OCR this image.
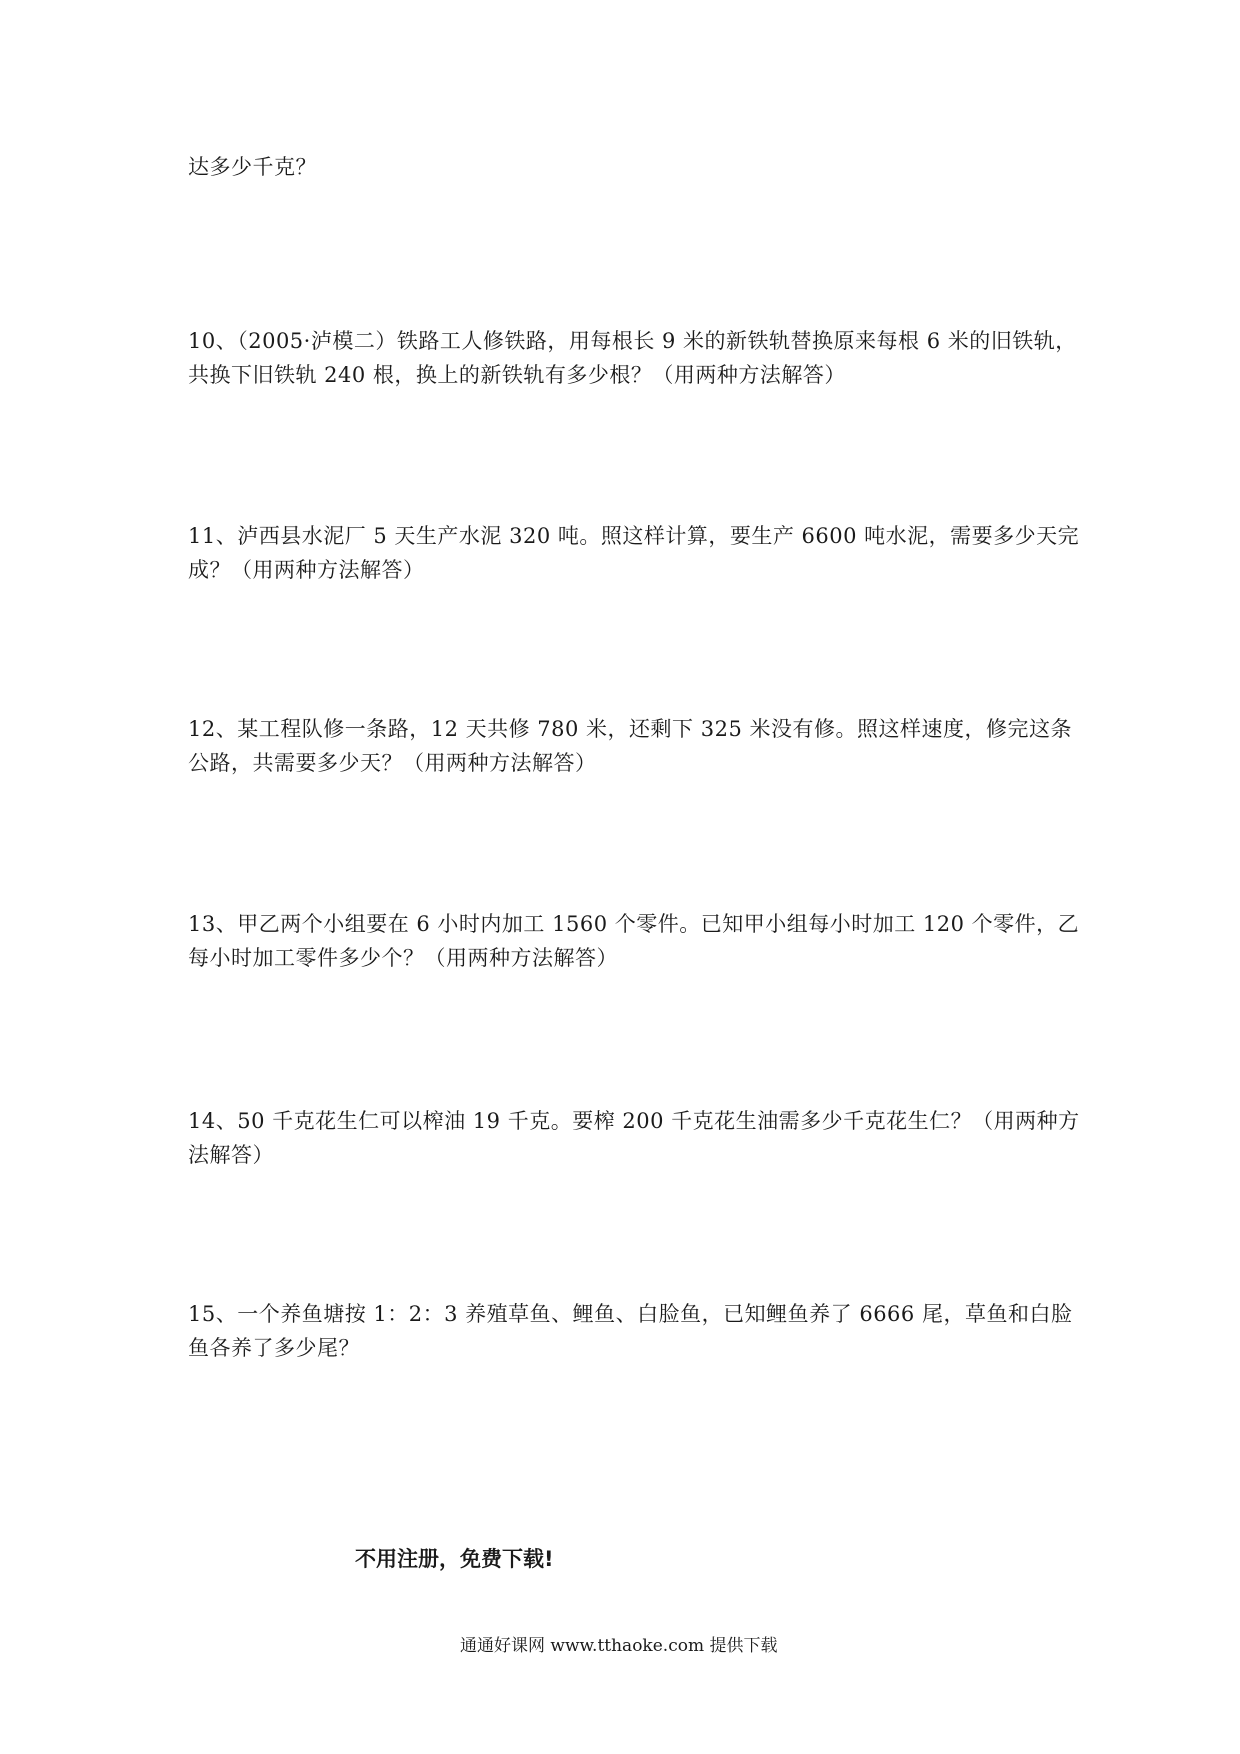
达多少千克？
10、（2005·泸模二）铁路工人修铁路，用每根长 9 米的新铁轨替换原来每根 6 米的旧铁轨，
共换下旧铁轨 240 根，换上的新铁轨有多少根？（用两种方法解答）
11、泸西县水泥厂 5 天生产水泥 320 吨。照这样计算，要生产 6600 吨水泥，需要多少天完
成？（用两种方法解答）
12、某工程队修一条路，12 天共修 780 米，还剩下 325 米没有修。照这样速度，修完这条
公路，共需要多少天？（用两种方法解答）
13、甲乙两个小组要在 6 小时内加工 1560 个零件。已知甲小组每小时加工 120 个零件，乙
每小时加工零件多少个？（用两种方法解答）
14、50 千克花生仁可以榨油 19 千克。要榨 200 千克花生油需多少千克花生仁？（用两种方
法解答）
15、一个养鱼塘按 1：2：3 养殖草鱼、鲤鱼、白脸鱼，已知鲤鱼养了 6666 尾，草鱼和白脸
鱼各养了多少尾？
不用注册，免费下载!
通通好课网 www.tthaoke.com 提供下载
